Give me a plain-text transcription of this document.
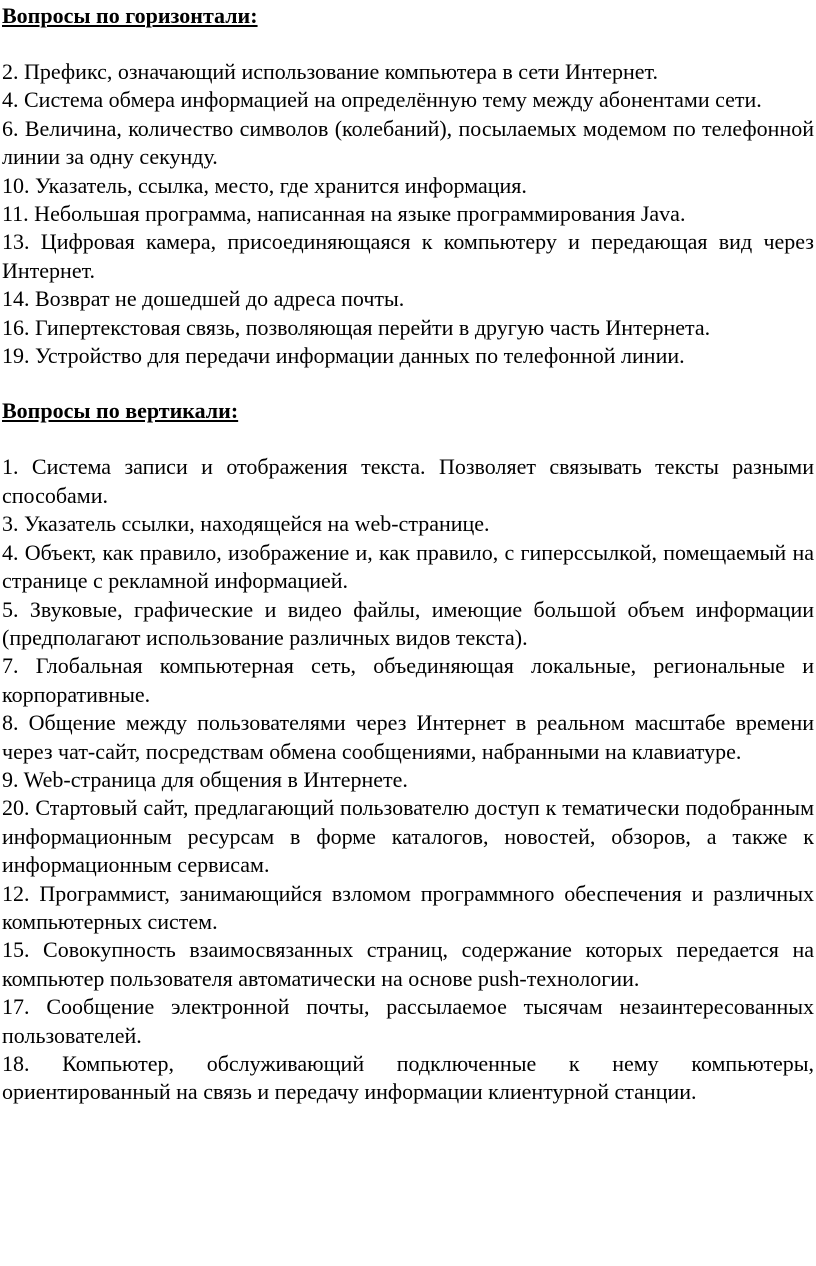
Вопросы по горизонтали:
2. Префикс, означающий использование компьютера в сети Интернет.
4. Система обмера информацией на определённую тему между абонентами сети.
6. Величина, количество символов (колебаний), посылаемых модемом по телефонной линии за одну секунду.
10. Указатель, ссылка, место, где хранится информация.
11. Небольшая программа, написанная на языке программирования Java.
13. Цифровая камера, присоединяющаяся к компьютеру и передающая вид через Интернет.
14. Возврат не дошедшей до адреса почты.
16. Гипертекстовая связь, позволяющая перейти в другую часть Интернета.
19. Устройство для передачи информации данных по телефонной линии.
Вопросы по вертикали:
1. Система записи и отображения текста. Позволяет связывать тексты разными способами.
3. Указатель ссылки, находящейся на web-странице.
4. Объект, как правило, изображение и, как правило, с гиперссылкой, помещаемый на странице с рекламной информацией.
5. Звуковые, графические и видео файлы, имеющие большой объем информации (предполагают использование различных видов текста).
7. Глобальная компьютерная сеть, объединяющая локальные, региональные и корпоративные.
8. Общение между пользователями через Интернет в реальном масштабе времени через чат-сайт, посредствам обмена сообщениями, набранными на клавиатуре.
9. Web-страница для общения в Интернете.
20. Стартовый сайт, предлагающий пользователю доступ к тематически подобранным информационным ресурсам в форме каталогов, новостей, обзоров, а также к информационным сервисам.
12. Программист, занимающийся взломом программного обеспечения и различных компьютерных систем.
15. Совокупность взаимосвязанных страниц, содержание которых передается на компьютер пользователя автоматически на основе push-технологии.
17. Сообщение электронной почты, рассылаемое тысячам незаинтересованных пользователей.
18. Компьютер, обслуживающий подключенные к нему компьютеры, ориентированный на связь и передачу информации клиентурной станции.
